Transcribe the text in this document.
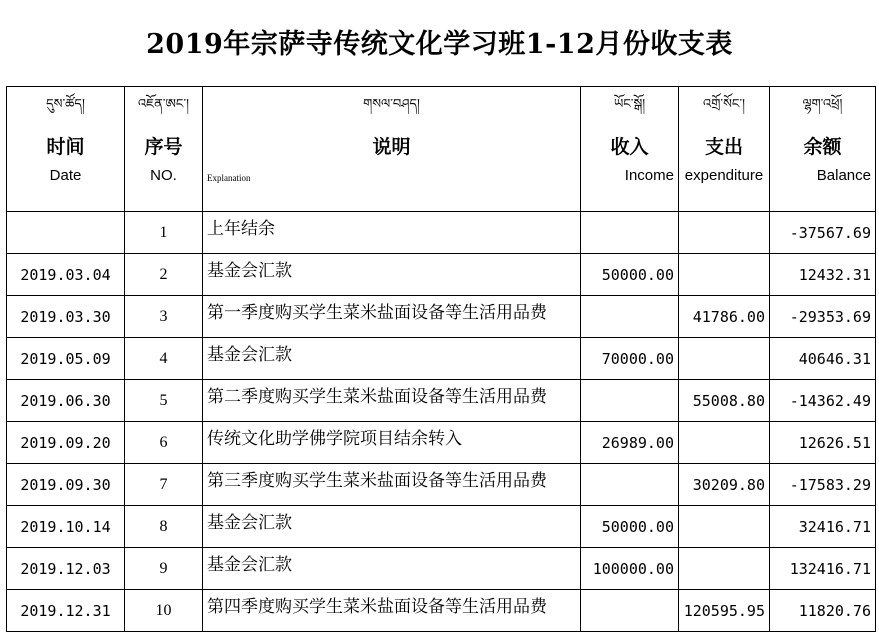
2019年宗萨寺传统文化学习班1-12月份收支表
དུས་ཚོད།	འཇོན་ཨང་།	གསལ་བཤད།	ཡོང་སྒོ།	འགྲོ་སོང་།	ལྷག་འཕྲོ།
时间	序号	说明	收入	支出	余额
Date	NO.	Explanation	Income	expenditure	Balance
	1	上年结余			-37567.69
2019.03.04	2	基金会汇款	50000.00		12432.31
2019.03.30	3	第一季度购买学生菜米盐面设备等生活用品费		41786.00	-29353.69
2019.05.09	4	基金会汇款	70000.00		40646.31
2019.06.30	5	第二季度购买学生菜米盐面设备等生活用品费		55008.80	-14362.49
2019.09.20	6	传统文化助学佛学院项目结余转入	26989.00		12626.51
2019.09.30	7	第三季度购买学生菜米盐面设备等生活用品费		30209.80	-17583.29
2019.10.14	8	基金会汇款	50000.00		32416.71
2019.12.03	9	基金会汇款	100000.00		132416.71
2019.12.31	10	第四季度购买学生菜米盐面设备等生活用品费		120595.95	11820.76
